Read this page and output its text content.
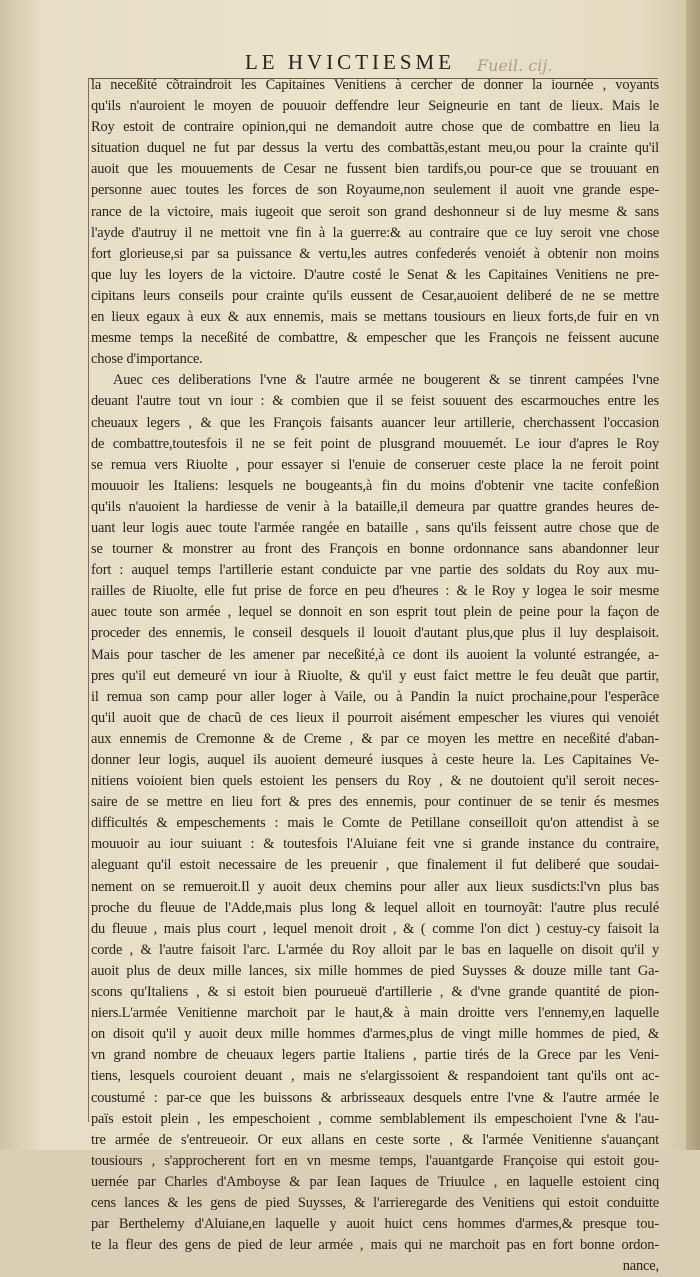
Fueil. cij.
LE HVICTIESME
la neceßité cõtraindroit les Capitaines Venitiens à cercher de donner la iournée , voyants
qu'ils n'auroient le moyen de pouuoir deffendre leur Seigneurie en tant de lieux. Mais le
Roy estoit de contraire opinion,qui ne demandoit autre chose que de combattre en lieu la
situation duquel ne fut par dessus la vertu des combattãs,estant meu,ou pour la crainte qu'il
auoit que les mouuements de Cesar ne fussent bien tardifs,ou pour-ce que se trouuant en
personne auec toutes les forces de son Royaume,non seulement il auoit vne grande espe-
rance de la victoire, mais iugeoit que seroit son grand deshonneur si de luy mesme & sans
l'ayde d'autruy il ne mettoit vne fin à la guerre:& au contraire que ce luy seroit vne chose
fort glorieuse,si par sa puissance & vertu,les autres confederés venoiét à obtenir non moins
que luy les loyers de la victoire. D'autre costé le Senat & les Capitaines Venitiens ne pre-
cipitans leurs conseils pour crainte qu'ils eussent de Cesar,auoient deliberé de ne se mettre
en lieux egaux à eux & aux ennemis, mais se mettans tousiours en lieux forts,de fuir en vn
mesme temps la neceßité de combattre, & empescher que les François ne feissent aucune
chose d'importance.
Auec ces deliberations l'vne & l'autre armée ne bougerent & se tinrent campées l'vne
deuant l'autre tout vn iour : & combien que il se feist souuent des escarmouches entre les
cheuaux legers , & que les François faisants auancer leur artillerie, cherchassent l'occasion
de combattre,toutesfois il ne se feit point de plusgrand mouuemét. Le iour d'apres le Roy
se remua vers Riuolte , pour essayer si l'enuie de conseruer ceste place la ne feroit point
mouuoir les Italiens: lesquels ne bougeants,à fin du moins d'obtenir vne tacite confeßion
qu'ils n'auoient la hardiesse de venir à la bataille,il demeura par quattre grandes heures de-
uant leur logis auec toute l'armée rangée en bataille , sans qu'ils feissent autre chose que de
se tourner & monstrer au front des François en bonne ordonnance sans abandonner leur
fort : auquel temps l'artillerie estant conduicte par vne partie des soldats du Roy aux mu-
railles de Riuolte, elle fut prise de force en peu d'heures : & le Roy y logea le soir mesme
auec toute son armée , lequel se donnoit en son esprit tout plein de peine pour la façon de
proceder des ennemis, le conseil desquels il louoit d'autant plus,que plus il luy desplaisoit.
Mais pour tascher de les amener par neceßité,à ce dont ils auoient la volunté estrangée, a-
pres qu'il eut demeuré vn iour à Riuolte, & qu'il y eust faict mettre le feu deuãt que partir,
il remua son camp pour aller loger à Vaile, ou à Pandin la nuict prochaine,pour l'esperãce
qu'il auoit que de chacũ de ces lieux il pourroit aisément empescher les viures qui venoiét
aux ennemis de Cremonne & de Creme , & par ce moyen les mettre en neceßité d'aban-
donner leur logis, auquel ils auoient demeuré iusques à ceste heure la. Les Capitaines Ve-
nitiens voioient bien quels estoient les pensers du Roy , & ne doutoient qu'il seroit neces-
saire de se mettre en lieu fort & pres des ennemis, pour continuer de se tenir és mesmes
difficultés & empeschements : mais le Comte de Petillane conseilloit qu'on attendist à se
mouuoir au iour suiuant : & toutesfois l'Aluiane feit vne si grande instance du contraire,
aleguant qu'il estoit necessaire de les preuenir , que finalement il fut deliberé que soudai-
nement on se remueroit.Il y auoit deux chemins pour aller aux lieux susdicts:l'vn plus bas
proche du fleuue de l'Adde,mais plus long & lequel alloit en tournoyãt: l'autre plus reculé
du fleuue , mais plus court , lequel menoit droit , & ( comme l'on dict ) cestuy-cy faisoit la
corde , & l'autre faisoit l'arc. L'armée du Roy alloit par le bas en laquelle on disoit qu'il y
auoit plus de deux mille lances, six mille hommes de pied Suysses & douze mille tant Ga-
scons qu'Italiens , & si estoit bien pourueuë d'artillerie , & d'vne grande quantité de pion-
niers.L'armée Venitienne marchoit par le haut,& à main droitte vers l'ennemy,en laquelle
on disoit qu'il y auoit deux mille hommes d'armes,plus de vingt mille hommes de pied, &
vn grand nombre de cheuaux legers partie Italiens , partie tirés de la Grece par les Veni-
tiens, lesquels couroient deuant , mais ne s'elargissoient & respandoient tant qu'ils ont ac-
coustumé : par-ce que les buissons & arbrisseaux desquels entre l'vne & l'autre armée le
païs estoit plein , les empeschoient , comme semblablement ils empeschoient l'vne & l'au-
tre armée de s'entreueoir. Or eux allans en ceste sorte , & l'armée Venitienne s'auançant
tousiours , s'approcherent fort en vn mesme temps, l'auantgarde Françoise qui estoit gou-
uernée par Charles d'Amboyse & par Iean Iaques de Triuulce , en laquelle estoient cinq
cens lances & les gens de pied Suysses, & l'arrieregarde des Venitiens qui estoit conduitte
par Berthelemy d'Aluiane,en laquelle y auoit huict cens hommes d'armes,& presque tou-
te la fleur des gens de pied de leur armée , mais qui ne marchoit pas en fort bonne ordon-
nance,
